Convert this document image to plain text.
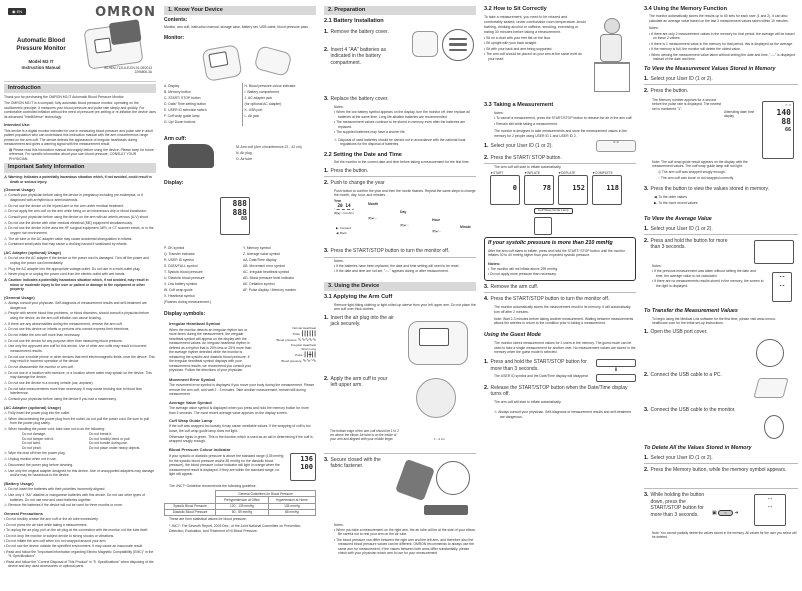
◉ EN	OMRON
Automatic Blood
Pressure Monitor
Model M3 IT
Instruction Manual	IM-HEM-7131U-E-EN-01-08/2013
2296806-3A
Introduction

Thank you for purchasing the OMRON M3 IT Automatic Blood Pressure Monitor.

The OMRON M3 IT is a compact, fully automatic blood pressure monitor, operating on the oscillometric principle. It measures your blood pressure and pulse rate simply and quickly. For comfortable controlled inflation without the need of pressure pre-setting or re-inflation the device uses its advanced "IntelliSense" technology.

Intended Use:

This device is a digital monitor intended for use in measuring blood pressure and pulse rate in adult patient population who can understand this instruction manual with the arm circumference range printed on the arm cuff. The device detects the appearance of irregular heartbeats during measurement and gives a warning signal with the measurement result.

▤ Please read this instruction manual thoroughly before using the device. Please keep for future reference. For specific information about your own blood pressure, CONSULT YOUR PHYSICIAN.

Important Safety Information

⚠ Warning: Indicates a potentially hazardous situation which, if not avoided, could result in death or serious injury.

(General Usage)

⚠ Consult your physician before using the device in pregnancy including pre-eclampsia, or if diagnosed with arrhythmia or arteriosclerosis.

⚠ Do not use the device on the injured arm or the arm under medical treatment.

⚠ Do not apply the arm cuff on the arm while being on an intravenous drip or blood transfusion.

⚠ Consult your physician before using the device on the arm with an arterio-venous (A-V) shunt.

⚠ Do not use the device with other medical electrical (ME) equipment simultaneously.

⚠ Do not use the device in the area the HF surgical equipment, MRI, or CT scanner exists, or in the oxygen rich environment.

⚠ The air tube or the AC adapter cable may cause accidental strangulation in infants.

⚠ Contained small parts that may cause a choking hazard if swallowed by infants.

(AC Adapter (optional) Usage)

⚠ Do not use the AC adapter if the device or the power cord is damaged. Turn off the power and unplug the power cord immediately.

⚠ Plug the AC adapter into the appropriate voltage outlet. Do not use in a multi-outlet plug.

⚠ Never plug in or unplug the power cord from the electric outlet with wet hands.

⚠ Caution: Indicates a potentially hazardous situation which, if not avoided, may result in minor or moderate injury to the user or patient or damage to the equipment or other property.

(General Usage)

⚠ Always consult your physician. Self-diagnosis of measurement results and self-treatment are dangerous.

⚠ People with severe blood flow problems, or blood disorders, should consult a physician before using the device, as the arm cuff inflation can cause bruising.

⚠ If there are any abnormalities during the measurement, remove the arm cuff.

⚠ Do not use this device on infants or persons who cannot express their intentions.

⚠ Do not inflate the arm cuff more than necessary.

⚠ Do not use the device for any purpose other than measuring blood pressure.

⚠ Use only the approved arm cuff for this device. Use of other arm cuffs may result in incorrect measurement results.

⚠ Do not use a mobile phone or other devices that emit electromagnetic fields, near the device. This may result in incorrect operation of the device.

⚠ Do not disassemble the monitor or arm cuff.

⚠ Do not use in a location with moisture, or a location where water may splash on the device. This may damage the device.

⚠ Do not use the device in a moving vehicle (car, airplane).

⚠ Do not take measurements more than necessary. It may cause bruising due to blood flow interference.

⚠ Consult your physician before using the device if you had a mastectomy.

(AC Adapter (optional) Usage)

⚠ Fully insert the power plug into the outlet.

⚠ When disconnecting the power plug from the outlet, do not pull the power cord. Be sure to pull from the power plug safely.

⚠ When handling the power cord, take care not to do the following:

Do not damage.	Do not break it.
Do not tamper with it.	Do not forcibly bend or pull.
Do not twist.	Do not bundle during use.
Do not pinch.	Do not place under heavy objects.

⚠ Wipe the dust off from the power plug.

⚠ Unplug monitor when not in use.

⚠ Disconnect the power plug before cleaning.

⚠ Use only the original adapter designed for this device. Use of unsupported adapters may damage and/or may be hazardous to the device.

(Battery Usage)

⚠ Do not insert the batteries with their polarities incorrectly aligned.

⚠ Use only 4 "AA" alkaline or manganese batteries with this device. Do not use other types of batteries. Do not use new and used batteries together.

⚠ Remove the batteries if the device will not be used for three months or more.

General Precautions

• Do not forcibly crease the arm cuff or the air tube excessively.

• Do not press the air tube while taking a measurement.

• To unplug the air plug, pull on the air plug at the connection with the monitor, not the tube itself.

• Do not drop the monitor or subject device to strong shocks or vibrations.

• Do not inflate the arm cuff when it is not wrapped around your arm.

• Do not use the device outside the specified environment. It may cause an inaccurate result.

• Read and follow the "Important information regarding Electro Magnetic Compatibility (EMC)" in the "5. Specifications".

• Read and follow the "Correct Disposal of This Product" in "5. Specifications" when disposing of the device and any used accessories or optional parts.

1. Know Your Device
Contents:

Monitor, arm cuff, instruction manual, storage case, battery set, USB cable, blood pressure pass

Monitor:

A. Display

B. Memory button

C. START/ STOP button

D. Date/ Time setting button

E. USER ID selection switch

F. Cuff wrap guide lamp

G. Up/ Down buttons

H. Blood pressure colour indicator

I. Battery compartment

J. AC adapter jack

(for optional AC adapter)

K. USB port

L. Air jack

Arm cuff:

M. Arm cuff (Arm circumference 22 - 42 cm)

N. Air plug

O. Air tube

Display:
888
888
88

P. OK symbol

Q. Transfer indicator

R. USER ID symbol

S. DATA/FULL symbol

T. Systolic blood pressure

U. Diastolic blood pressure

V. Low battery symbol

W. Cuff wrap guide

X. Heartbeat symbol

(Flashes during measurement.)

Y. Memory symbol

Z. Average value symbol

AA. Date/Time display

AB. Movement error symbol

AC. Irregular heartbeat symbol

AD. Blood pressure level indicator

AE. Deflation symbol

AF. Pulse display / Memory number

Display symbols:
Irregular Heartbeat Symbol

When the monitor detects an irregular rhythm two or more times during the measurement, the irregular heartbeat symbol will appear on the display with the measurement values. An irregular heartbeat rhythm is defined as a rhythm that is 25% less or 25% more than the average rhythm detected while the monitor is measuring the systolic and diastolic blood pressure. If the irregular heartbeat symbol displays with your measurement results, we recommend you consult your physician. Follow the directions of your physician.

Normal Heartbeat
Pulse ┃┃┃┃┃┃
Blood pressure ∿∿∿∿∿
Irregular Heartbeat
Short Long
Pulse ┃┃╋┃┃
Blood pressure ∿∿⌒∿
Movement Error Symbol

The movement error symbol is displayed if you move your body during the measurement. Please remove the arm cuff, and wait 2 - 3 minutes. Take another measurement, remain still during measurement.

Average Value Symbol

The average value symbol is displayed when you press and hold the memory button for more than 3 seconds. The most recent average value appears on the display screen.

Cuff Wrap Guide Lamp

If the cuff was wrapped too loosely it may cause unreliable values. If the wrapping of cuff is too loose, the cuff wrap guide lamp does not light.

Otherwise lights in green. This is the function which is used as an aid in determining if the cuff is wrapped snugly enough.

Blood Pressure Colour Indicator

If your systolic or diastolic pressure is above the standard range (135 mmHg for the systolic blood pressure and/or 85 mmHg for the diastolic blood pressure), the blood pressure colour indicator will light in orange when the measurement result is displayed. If they are within the standard range, no light will appear.

136
100

The JNC7* Guideline recommends the following guideline.

	General Guidelines for Blood Pressure	
	Prehypertension at Office	Hypertension at Home
Systolic Blood Pressure	120 - 139 mmHg	135 mmHg
Diastolic Blood Pressure	80 - 89 mmHg	85 mmHg

These are form statistical values for blood pressure.

* JNC7: The Seventh Report, 2003 Dec., of the Joint National Committee on Prevention, Detection, Evaluation, and Treatment of Hi Blood Pressure.

2. Preparation
2.1 Battery Installation
1. Remove the battery cover.
2. Insert 4 "AA" batteries as indicated in the battery compartment.
3. Replace the battery cover.
Notes:

• When the low battery symbol appears on the display, turn the monitor off, then replace all batteries at the same time. Long life alkaline batteries are recommended.

• The measurement values continue to be stored in memory even after the batteries are replaced.

• The supplied batteries may have a shorter life.

⚠ Disposal of used batteries should be carried out in accordance with the national local regulations for the disposal of batteries.

2.2 Setting the Date and Time

Set the monitor to the correct date and time before taking a measurement for the first time.

1. Press the button.
2. Push to change the year

Push button to confirm the year and then the month flashes. Repeat the same steps to change the month, day, hour, and minutes.

Year
20 14
[▾][▴]→Confirm
Month
[▾][▴]→
Day
[▾][▴]→
Hour
[▾][▴]→
Minute
▶: Forward
◀: Back
3. Press the START/STOP button to turn the monitor off.
Notes:

• If the batteries have been replaced, the date and time setting will need to be reset.

• If the date and time are not set, "-:--" appears during or after measurement.

3. Using the Device
3.1 Applying the Arm Cuff

Remove tight-fitting clothing or tight rolled-up sleeve from your left upper arm. Do not place the arm cuff over thick clothes.

1. Insert the air plug into the air jack securely.
2. Apply the arm cuff to your left upper arm.

The bottom edge of the arm cuff should be 1 to 2 cm above the elbow. Air tube is on the inside of your arm and aligned with your middle finger.	1 - 2 cm
3. Secure closed with the fabric fastener.
Notes:

• When you take a measurement on the right arm, the air tube will be at the side of your elbow. Be careful not to rest your arm on the air tube.

• The blood pressure can differ between the right arm and the left arm, and therefore also the measured blood pressure values can be different. OMRON recommends to always use the same arm for measurement. If the values between both arms differ substantially, please check with your physician which arm to use for your measurement.

3.2 How to Sit Correctly

To take a measurement, you need to be relaxed and comfortably seated, under comfortable room temperature. Avoid bathing, drinking alcohol or caffeine, smoking, exercising or eating 30 minutes before taking a measurement.

• Sit on a chair with your feet flat on the floor.

• Sit upright with your back straight.

• Sit with your back and arm being supported.

• The arm cuff should be placed on your arm at the same level as your heart.

3.3 Taking a Measurement
Notes:

• To cancel a measurement, press the START/STOP button to release the air in the arm cuff.

• Remain still while taking a measurement.

The monitor is designed to take measurements and store the measurement values in the memory for 2 people using USER ID 1 and USER ID 2.

1. Select your User ID (1 or 2).
① ②
2. Press the START/ STOP button.

The arm cuff will start to inflate automatically.

▼START
0
▼INFLATE
78
▼DEFLATE
152
▼COMPLETE
118
Cuff Wrap Guide Lamp
If your systolic pressure is more than 210 mmHg

After the arm cuff starts to inflate, press and hold the START/ STOP button until the monitor inflates 30 to 40 mmHg higher than your expected systolic pressure.

Notes:

• The monitor will not inflate above 299 mmHg.

• Do not apply more pressure than necessary.

3. Remove the arm cuff.
4. Press the START/STOP button to turn the monitor off.

The monitor automatically stores the measurement result in its memory. It will automatically turn off after 2 minutes.

Note: Wait 2-3 minutes before taking another measurement. Waiting between measurements allows the arteries to return to the condition prior to taking a measurement.

Using the Guest Mode

The monitor stores measurement values for 2 users in the memory. The guest mode can be used to take a single measurement for another user. No measurement values are stored in the memory when the guest mode is selected.

1. Press and hold the START/STOP button for more than 3 seconds.

The USER ID symbol and the Date/Time display will disappear.

⬇
2. Release the START/STOP button when the Date/Time display turns off.

The arm cuff will start to inflate automatically.

⚠ Always consult your physician. Self-diagnosis of measurement results and self-treatment are dangerous.

3.4 Using the Memory Function

The monitor automatically stores the results up to 60 sets for each user (1 and 2). It can also calculate an average value based on the last 3 measurement values taken within 10 minutes.

Notes:

• If there are only 2 measurement values in the memory for that period, the average will be based on these 2 values.

• If there is 1 measurement value in the memory for that period, this is displayed as the average.

• If the memory is full, the monitor will delete the oldest value.

• When viewing the measurement value taken without setting the date and time, "-:--" is displayed instead of the date and time.

To View the Measurement Values Stored in Memory
1. Select your User ID (1 or 2).
2. Press the button.

The Memory number appears for a second before the pulse rate is displayed. The newest set is numbered "1".

Alternating date/ time display

▭ ▭
140
88
66

Note: The cuff wrap guide result appears on the display with the measurement values. The cuff wrap guide lamp will not light.

◎ The arm cuff was wrapped snugly enough.

◌ The arm cuff was loose or not wrapped correctly.

3. Press the button to view the values stored in memory.

◀: To the older values

▶: To the more recent values

To View the Average Value
1. Select your User ID (1 or 2).
2. Press and hold the button for more than 3 seconds.
Notes:

• If the previous measurement was taken without setting the date and time, the average value is not calculated.

• If there are no measurements results stored in the memory, the screen to the right is displayed.

--
--
To Transfer the Measurement Values

To begin using the Medical Link software for the first time, please visit www.omron-healthcare.com for the initial set-up instructions.

1. Open the USB port cover.
2. Connect the USB cable to a PC.
3. Connect the USB cable to the monitor.
To Delete All the Values Stored in Memory
1. Select your User ID (1 or 2).
2. Press the Memory button, while the memory symbol appears.
3. While holding the button down, press the START/STOP button for more than 3 seconds.	▣ ▭ ➜
--
--

Note: You cannot partially delete the values stored in the memory. All values for the user you select will be deleted.
